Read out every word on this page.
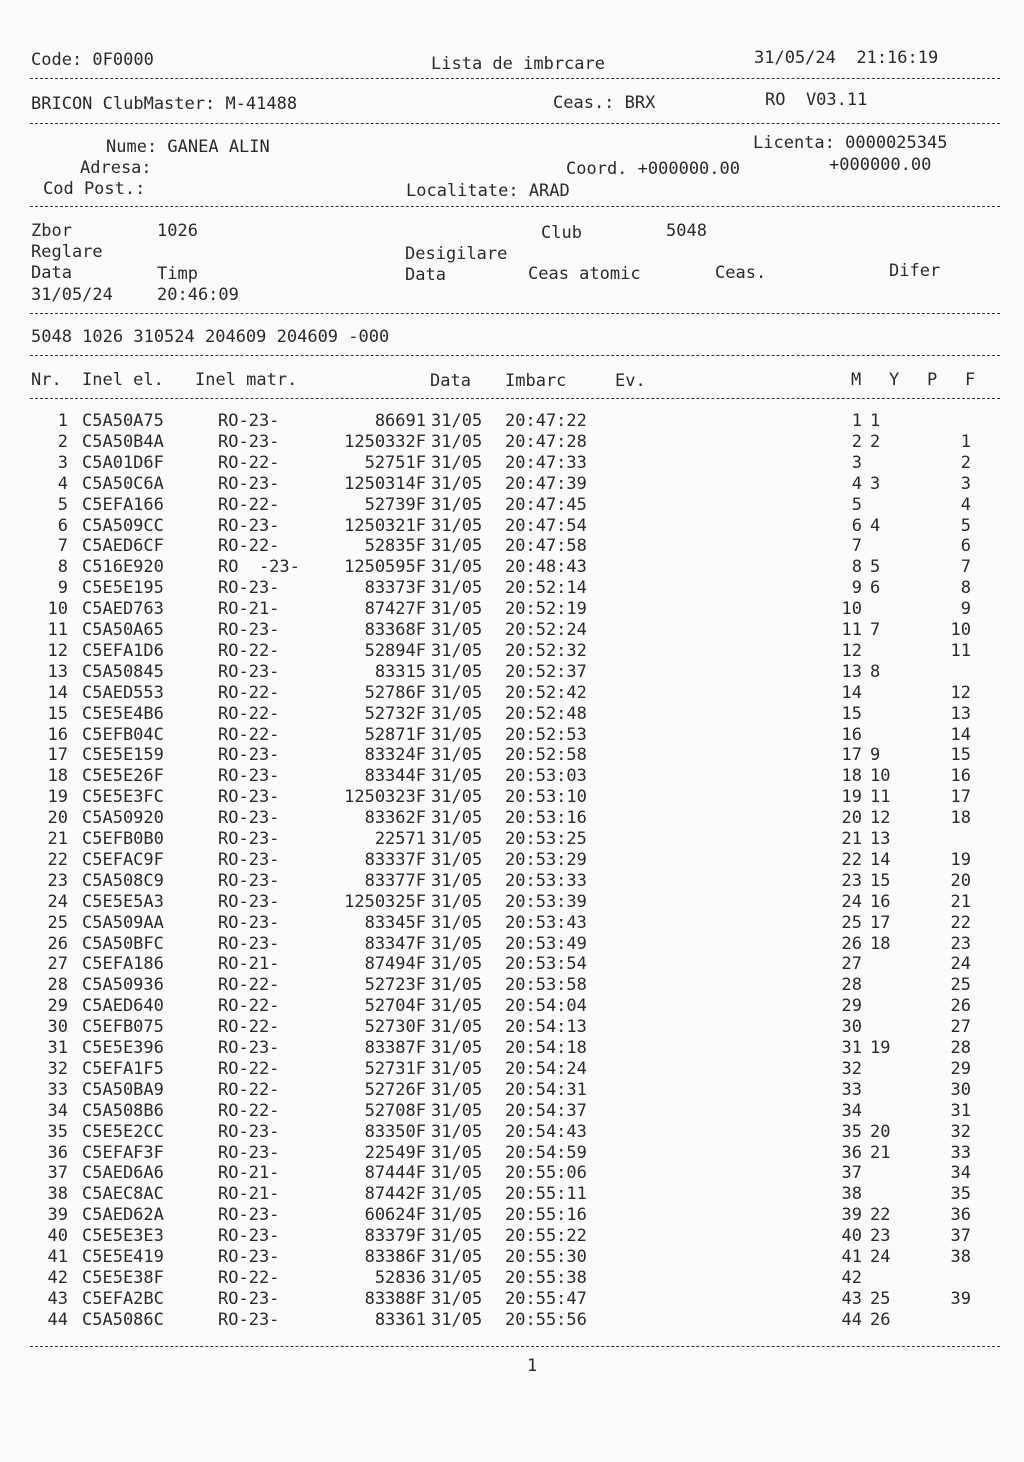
Code: 0F0000	Lista de imbrcare	31/05/24  21:16:19
BRICON ClubMaster: M-41488	Ceas.: BRX	RO  V03.11
Nume: GANEA ALIN	Licenta: 0000025345
Adresa:	Coord. +000000.00	+000000.00
Cod Post.:	Localitate: ARAD
Zbor	1026	Club	5048
Reglare	Desigilare
Data	Timp	Data	Ceas atomic	Ceas.	Difer
31/05/24	20:46:09
5048 1026 310524 204609 204609 -000
Nr. Inel el. Inel matr.	Data Imbarc	Ev.	M Y P F
1 C5A50A75	RO-23-	86691 31/05	20:47:22	1 1
2 C5A50B4A	RO-23-	1250332F 31/05	20:47:28	2 2	1
3 C5A01D6F	RO-22-	52751F 31/05	20:47:33	3	2
4 C5A50C6A	RO-23-	1250314F 31/05	20:47:39	4 3	3
5 C5EFA166	RO-22-	52739F 31/05	20:47:45	5	4
6 C5A509CC	RO-23-	1250321F 31/05	20:47:54	6 4	5
7 C5AED6CF	RO-22-	52835F 31/05	20:47:58	7	6
8 C516E920	RO  -23-	1250595F 31/05	20:48:43	8 5	7
9 C5E5E195	RO-23-	83373F 31/05	20:52:14	9 6	8
10 C5AED763	RO-21-	87427F 31/05	20:52:19	10	9
11 C5A50A65	RO-23-	83368F 31/05	20:52:24	11 7	10
12 C5EFA1D6	RO-22-	52894F 31/05	20:52:32	12	11
13 C5A50845	RO-23-	83315 31/05	20:52:37	13 8
14 C5AED553	RO-22-	52786F 31/05	20:52:42	14	12
15 C5E5E4B6	RO-22-	52732F 31/05	20:52:48	15	13
16 C5EFB04C	RO-22-	52871F 31/05	20:52:53	16	14
17 C5E5E159	RO-23-	83324F 31/05	20:52:58	17 9	15
18 C5E5E26F	RO-23-	83344F 31/05	20:53:03	18 10	16
19 C5E5E3FC	RO-23-	1250323F 31/05	20:53:10	19 11	17
20 C5A50920	RO-23-	83362F 31/05	20:53:16	20 12	18
21 C5EFB0B0	RO-23-	22571 31/05	20:53:25	21 13
22 C5EFAC9F	RO-23-	83337F 31/05	20:53:29	22 14	19
23 C5A508C9	RO-23-	83377F 31/05	20:53:33	23 15	20
24 C5E5E5A3	RO-23-	1250325F 31/05	20:53:39	24 16	21
25 C5A509AA	RO-23-	83345F 31/05	20:53:43	25 17	22
26 C5A50BFC	RO-23-	83347F 31/05	20:53:49	26 18	23
27 C5EFA186	RO-21-	87494F 31/05	20:53:54	27	24
28 C5A50936	RO-22-	52723F 31/05	20:53:58	28	25
29 C5AED640	RO-22-	52704F 31/05	20:54:04	29	26
30 C5EFB075	RO-22-	52730F 31/05	20:54:13	30	27
31 C5E5E396	RO-23-	83387F 31/05	20:54:18	31 19	28
32 C5EFA1F5	RO-22-	52731F 31/05	20:54:24	32	29
33 C5A50BA9	RO-22-	52726F 31/05	20:54:31	33	30
34 C5A508B6	RO-22-	52708F 31/05	20:54:37	34	31
35 C5E5E2CC	RO-23-	83350F 31/05	20:54:43	35 20	32
36 C5EFAF3F	RO-23-	22549F 31/05	20:54:59	36 21	33
37 C5AED6A6	RO-21-	87444F 31/05	20:55:06	37	34
38 C5AEC8AC	RO-21-	87442F 31/05	20:55:11	38	35
39 C5AED62A	RO-23-	60624F 31/05	20:55:16	39 22	36
40 C5E5E3E3	RO-23-	83379F 31/05	20:55:22	40 23	37
41 C5E5E419	RO-23-	83386F 31/05	20:55:30	41 24	38
42 C5E5E38F	RO-22-	52836 31/05	20:55:38	42
43 C5EFA2BC	RO-23-	83388F 31/05	20:55:47	43 25	39
44 C5A5086C	RO-23-	83361 31/05	20:55:56	44 26
1
